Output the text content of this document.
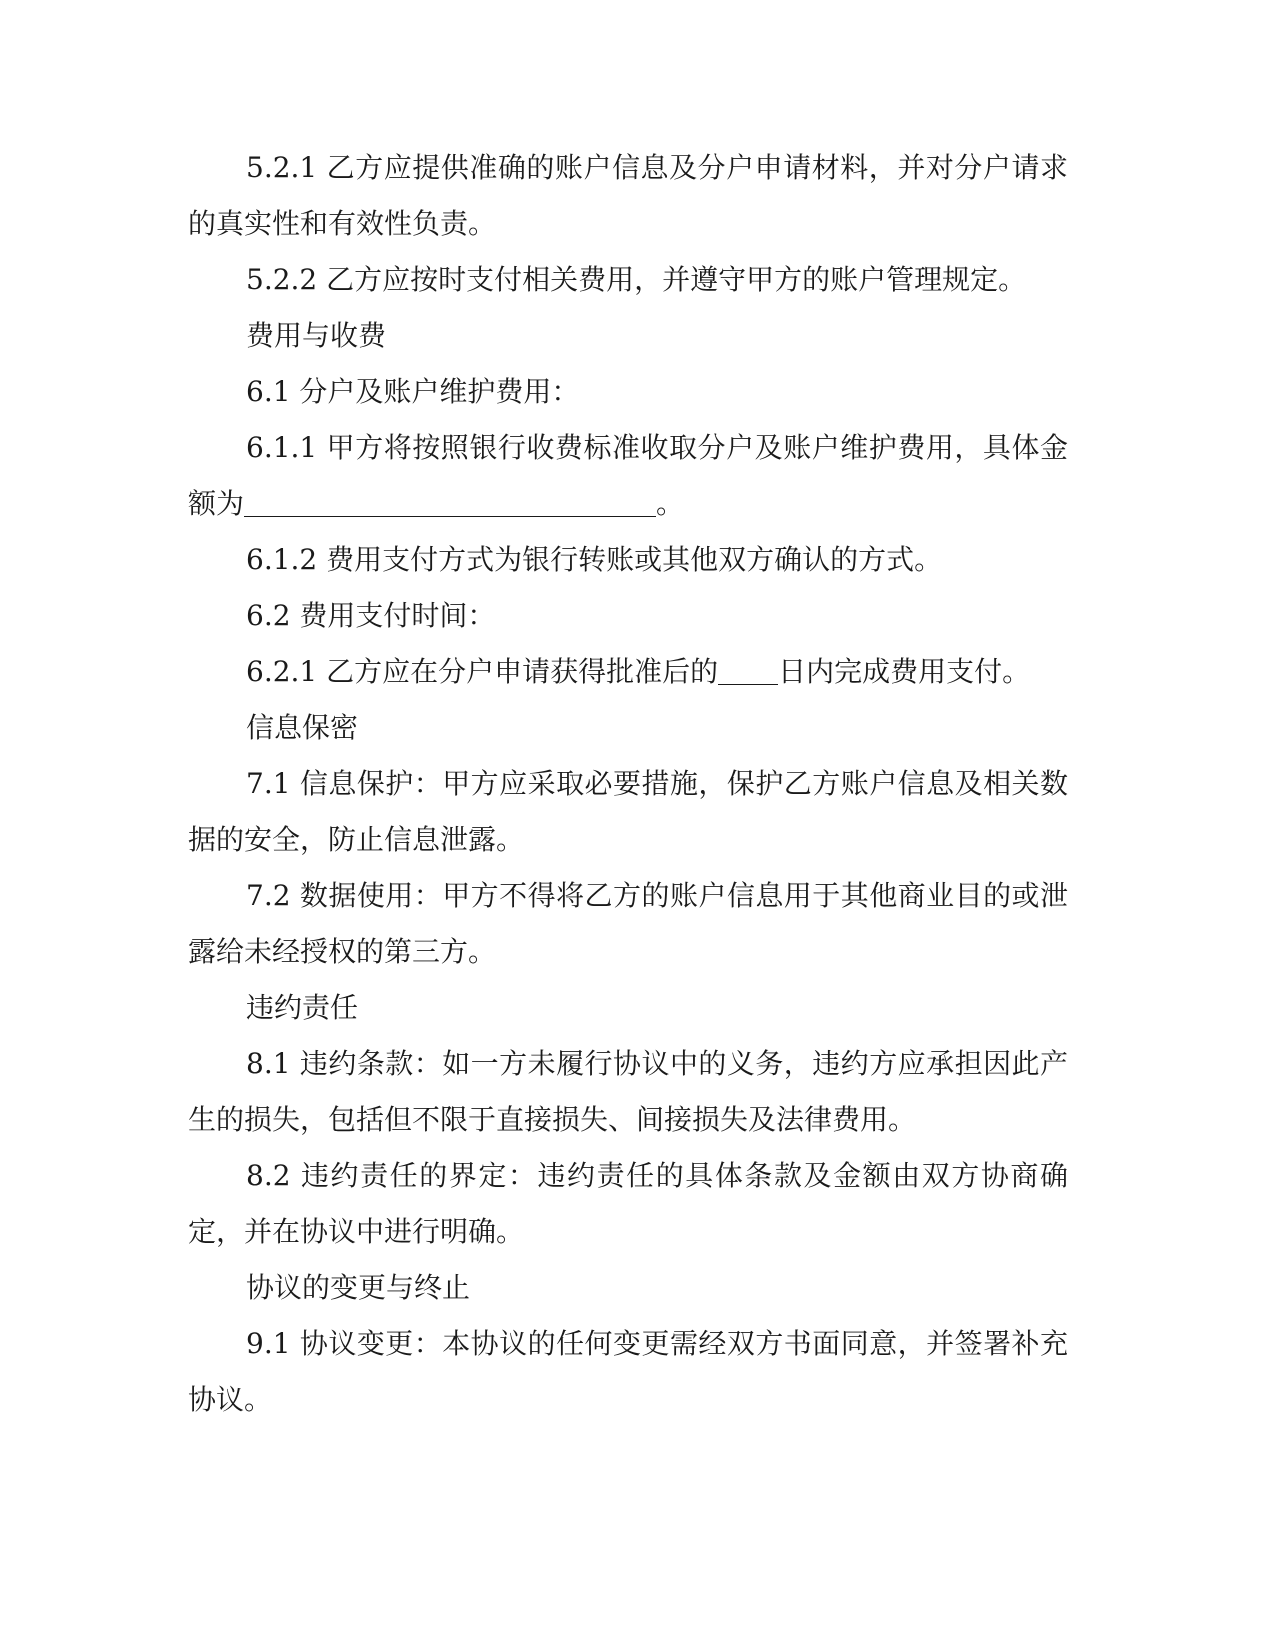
5.2.1 乙方应提供准确的账户信息及分户申请材料，并对分户请求的真实性和有效性负责。

5.2.2 乙方应按时支付相关费用，并遵守甲方的账户管理规定。

费用与收费

6.1 分户及账户维护费用：

6.1.1 甲方将按照银行收费标准收取分户及账户维护费用，具体金额为	。

6.1.2 费用支付方式为银行转账或其他双方确认的方式。

6.2 费用支付时间：

6.2.1 乙方应在分户申请获得批准后的 日内完成费用支付。

信息保密

7.1 信息保护：甲方应采取必要措施，保护乙方账户信息及相关数据的安全，防止信息泄露。

7.2 数据使用：甲方不得将乙方的账户信息用于其他商业目的或泄露给未经授权的第三方。

违约责任

8.1 违约条款：如一方未履行协议中的义务，违约方应承担因此产生的损失，包括但不限于直接损失、间接损失及法律费用。

8.2 违约责任的界定：违约责任的具体条款及金额由双方协商确定，并在协议中进行明确。

协议的变更与终止

9.1 协议变更：本协议的任何变更需经双方书面同意，并签署补充协议。
